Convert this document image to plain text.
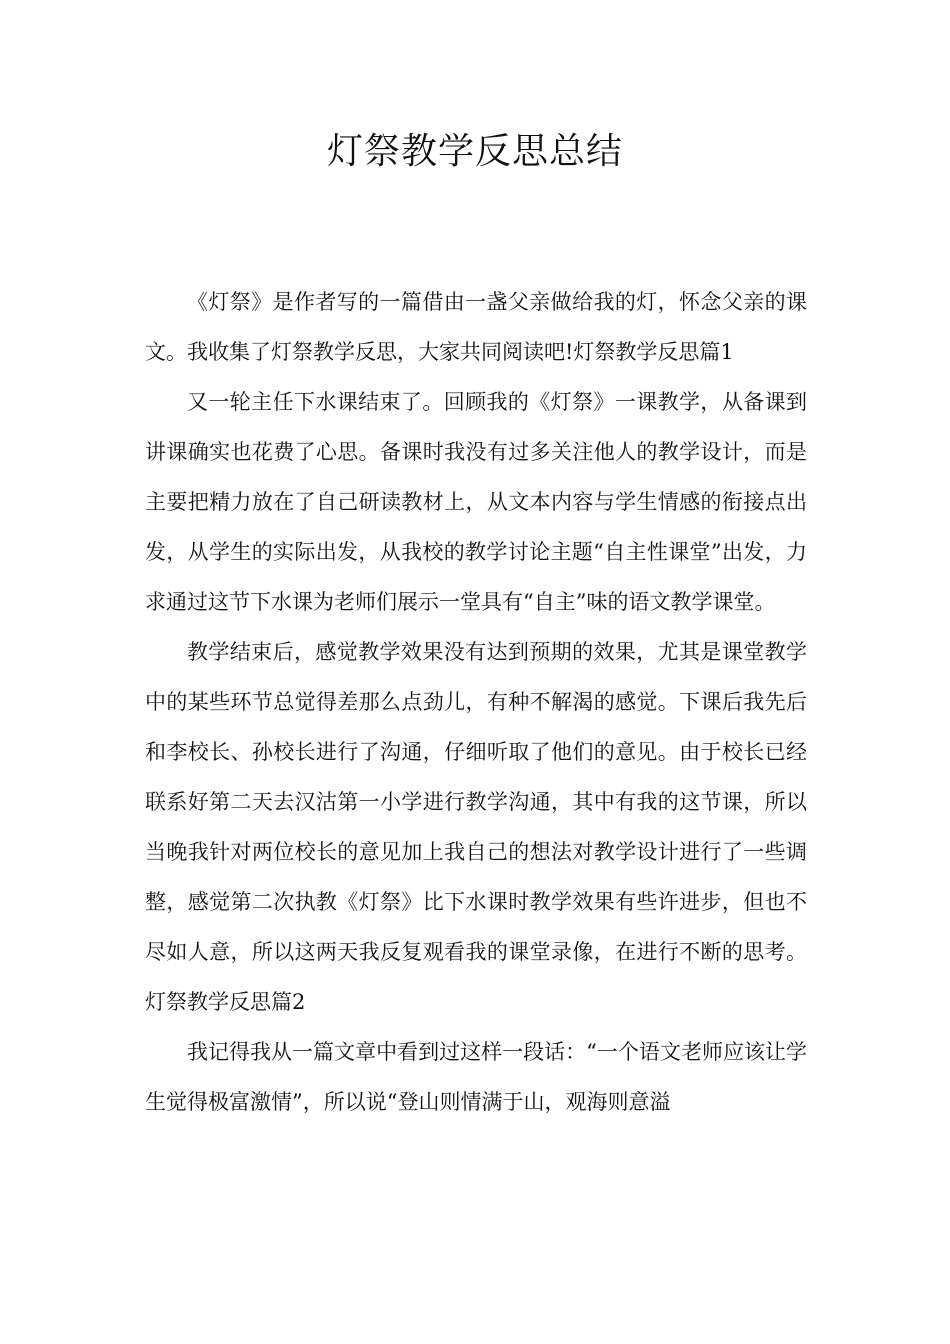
灯祭教学反思总结

《灯祭》是作者写的一篇借由一盏父亲做给我的灯，怀念父亲的课文。我收集了灯祭教学反思，大家共同阅读吧!灯祭教学反思篇1

又一轮主任下水课结束了。回顾我的《灯祭》一课教学，从备课到讲课确实也花费了心思。备课时我没有过多关注他人的教学设计，而是主要把精力放在了自己研读教材上，从文本内容与学生情感的衔接点出发，从学生的实际出发，从我校的教学讨论主题“自主性课堂”出发，力求通过这节下水课为老师们展示一堂具有“自主”味的语文教学课堂。

教学结束后，感觉教学效果没有达到预期的效果，尤其是课堂教学中的某些环节总觉得差那么点劲儿，有种不解渴的感觉。下课后我先后和李校长、孙校长进行了沟通，仔细听取了他们的意见。由于校长已经联系好第二天去汉沽第一小学进行教学沟通，其中有我的这节课，所以当晚我针对两位校长的意见加上我自己的想法对教学设计进行了一些调整，感觉第二次执教《灯祭》比下水课时教学效果有些许进步，但也不尽如人意，所以这两天我反复观看我的课堂录像，在进行不断的思考。灯祭教学反思篇2

我记得我从一篇文章中看到过这样一段话：“一个语文老师应该让学生觉得极富激情”，所以说“登山则情满于山，观海则意溢
